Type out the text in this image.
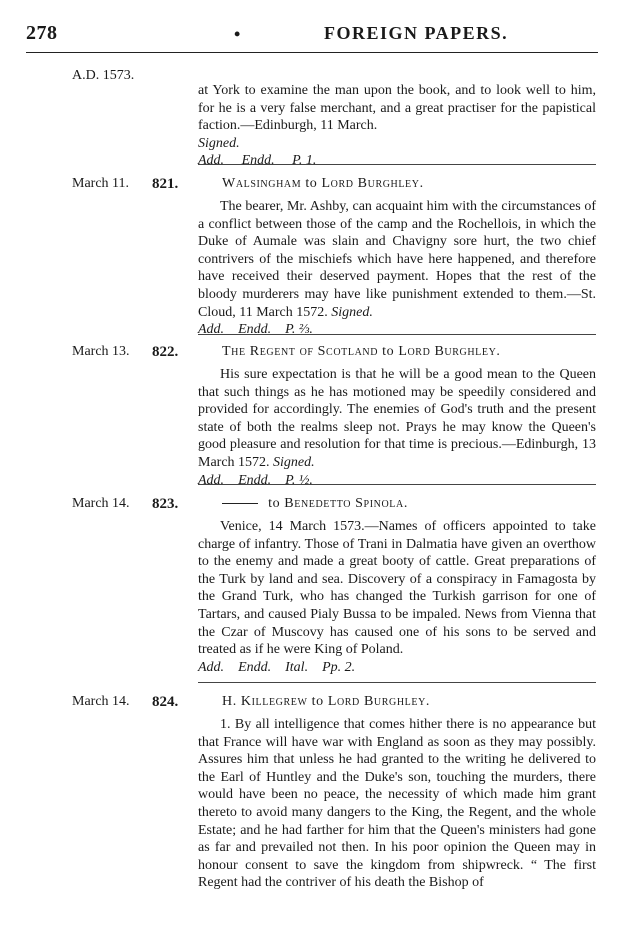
278	•	FOREIGN PAPERS.
A.D. 1573.

at York to examine the man upon the book, and to look well to him, for he is a very false merchant, and a great practiser for the papistical faction.—Edinburgh, 11 March.

Signed.

Add. Endd. P. 1.

March 11. 821.	Walsingham to Lord Burghley.

The bearer, Mr. Ashby, can acquaint him with the circumstances of a conflict between those of the camp and the Rochellois, in which the Duke of Aumale was slain and Chavigny sore hurt, the two chief contrivers of the mischiefs which have here happened, and therefore have received their deserved payment. Hopes that the rest of the bloody murderers may have like punishment extended to them.—St. Cloud, 11 March 1572. Signed.

Add. Endd. P. ⅔.

March 13. 822.	The Regent of Scotland to Lord Burghley.

His sure expectation is that he will be a good mean to the Queen that such things as he has motioned may be speedily considered and provided for accordingly. The enemies of God's truth and the present state of both the realms sleep not. Prays he may know the Queen's good pleasure and resolution for that time is precious.—Edinburgh, 13 March 1572. Signed.

Add. Endd. P. ½.

March 14. 823.	to Benedetto Spinola.

Venice, 14 March 1573.—Names of officers appointed to take charge of infantry. Those of Trani in Dalmatia have given an overthow to the enemy and made a great booty of cattle. Great preparations of the Turk by land and sea. Discovery of a conspiracy in Famagosta by the Grand Turk, who has changed the Turkish garrison for one of Tartars, and caused Pialy Bussa to be impaled. News from Vienna that the Czar of Muscovy has caused one of his sons to be served and treated as if he were King of Poland.

Add. Endd. Ital. Pp. 2.

March 14. 824.	H. Killegrew to Lord Burghley.

1. By all intelligence that comes hither there is no appearance but that France will have war with England as soon as they may possibly. Assures him that unless he had granted to the writing he delivered to the Earl of Huntley and the Duke's son, touching the murders, there would have been no peace, the necessity of which made him grant thereto to avoid many dangers to the King, the Regent, and the whole Estate; and he had farther for him that the Queen's ministers had gone as far and prevailed not then. In his poor opinion the Queen may in honour consent to save the kingdom from shipwreck. “ The first Regent had the contriver of his death the Bishop of
